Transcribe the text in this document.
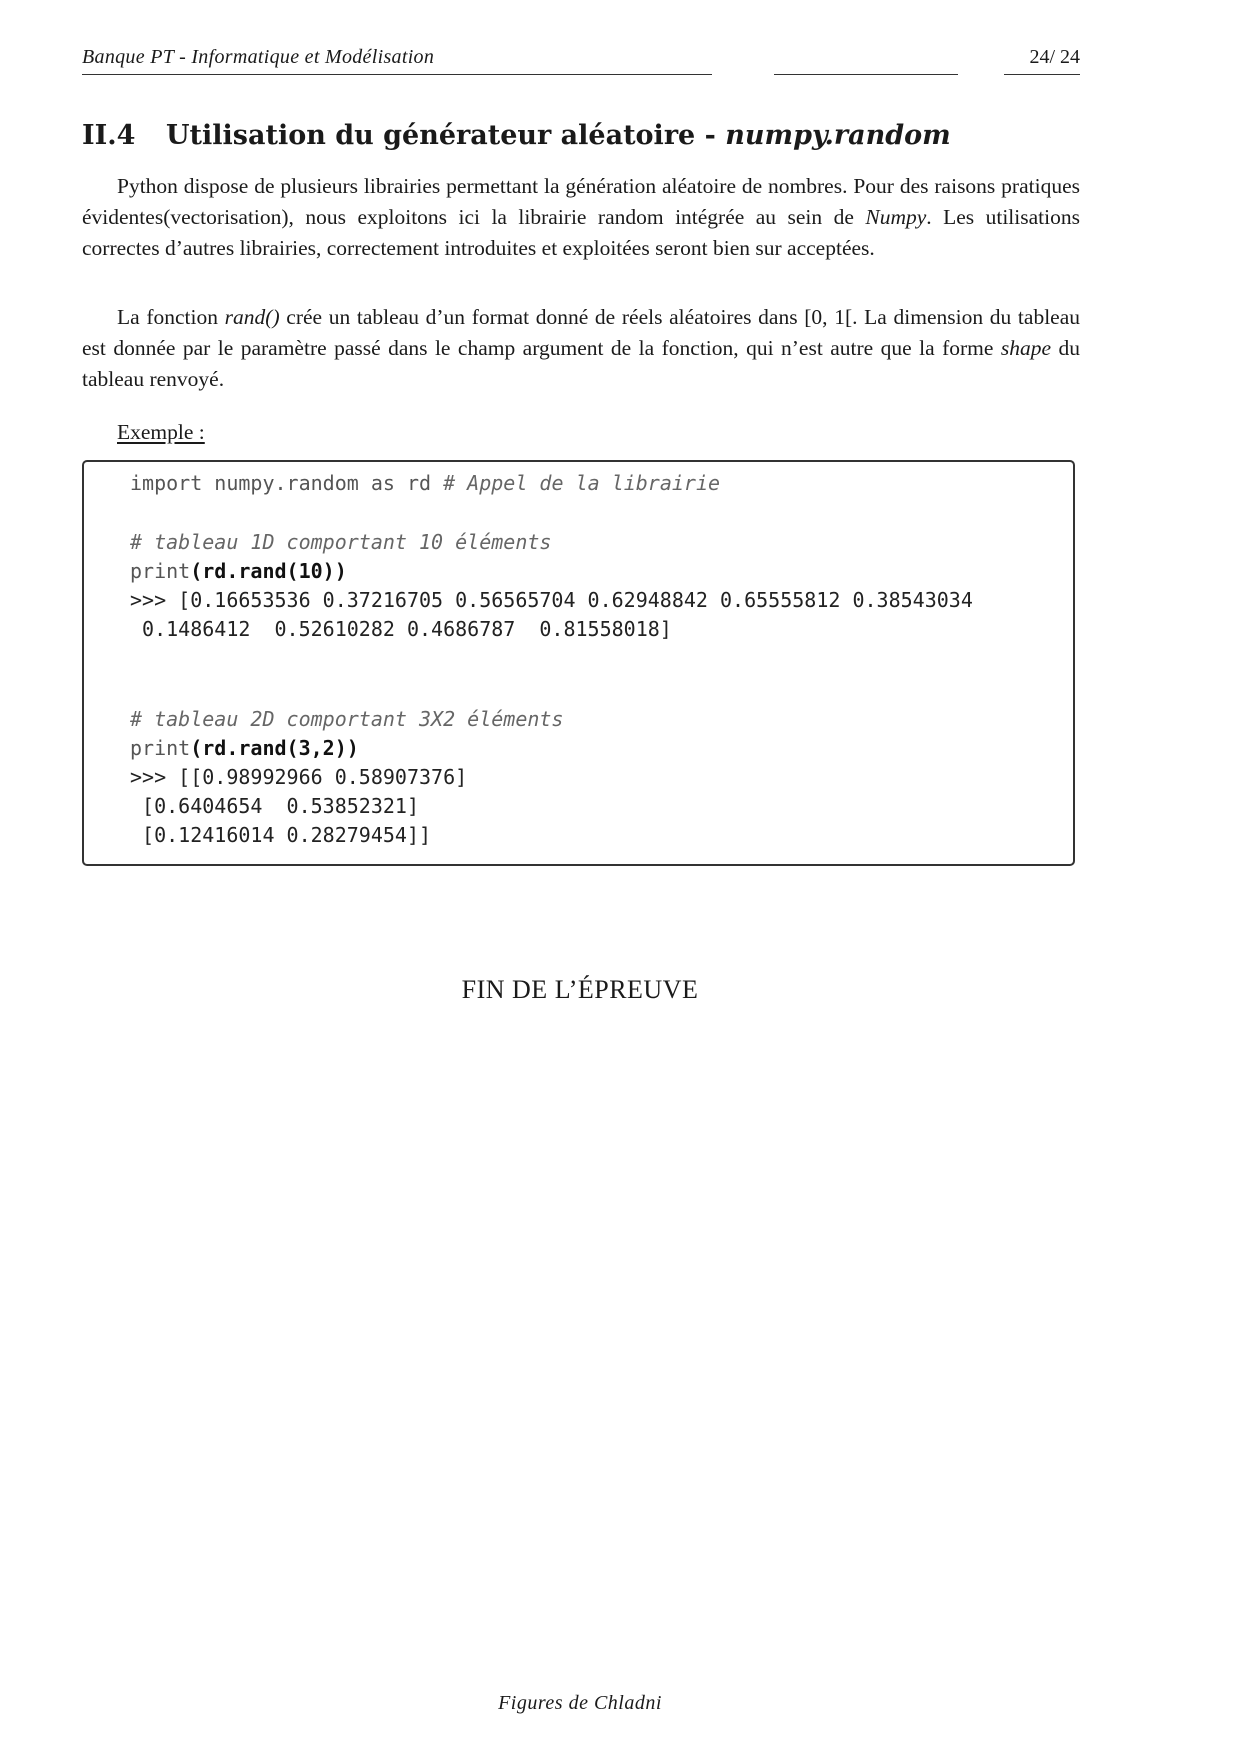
Banque PT - Informatique et Modélisation	24/ 24
II.4 Utilisation du générateur aléatoire - numpy.random

Python dispose de plusieurs librairies permettant la génération aléatoire de nombres. Pour des raisons pratiques évidentes(vectorisation), nous exploitons ici la librairie random intégrée au sein de Numpy. Les utilisations correctes d’autres librairies, correctement introduites et exploitées seront bien sur acceptées.

La fonction rand() crée un tableau d’un format donné de réels aléatoires dans [0, 1[. La dimension du tableau est donnée par le paramètre passé dans le champ argument de la fonction, qui n’est autre que la forme shape du tableau renvoyé.

Exemple :
import numpy.random as rd # Appel de la librairie
# tableau 1D comportant 10 éléments
print(rd.rand(10))
>>> [0.16653536 0.37216705 0.56565704 0.62948842 0.65555812 0.38543034
0.1486412  0.52610282 0.4686787  0.81558018]
# tableau 2D comportant 3X2 éléments
print(rd.rand(3,2))
>>> [[0.98992966 0.58907376]
[0.6404654  0.53852321]
[0.12416014 0.28279454]]
FIN DE L’ÉPREUVE
Figures de Chladni
